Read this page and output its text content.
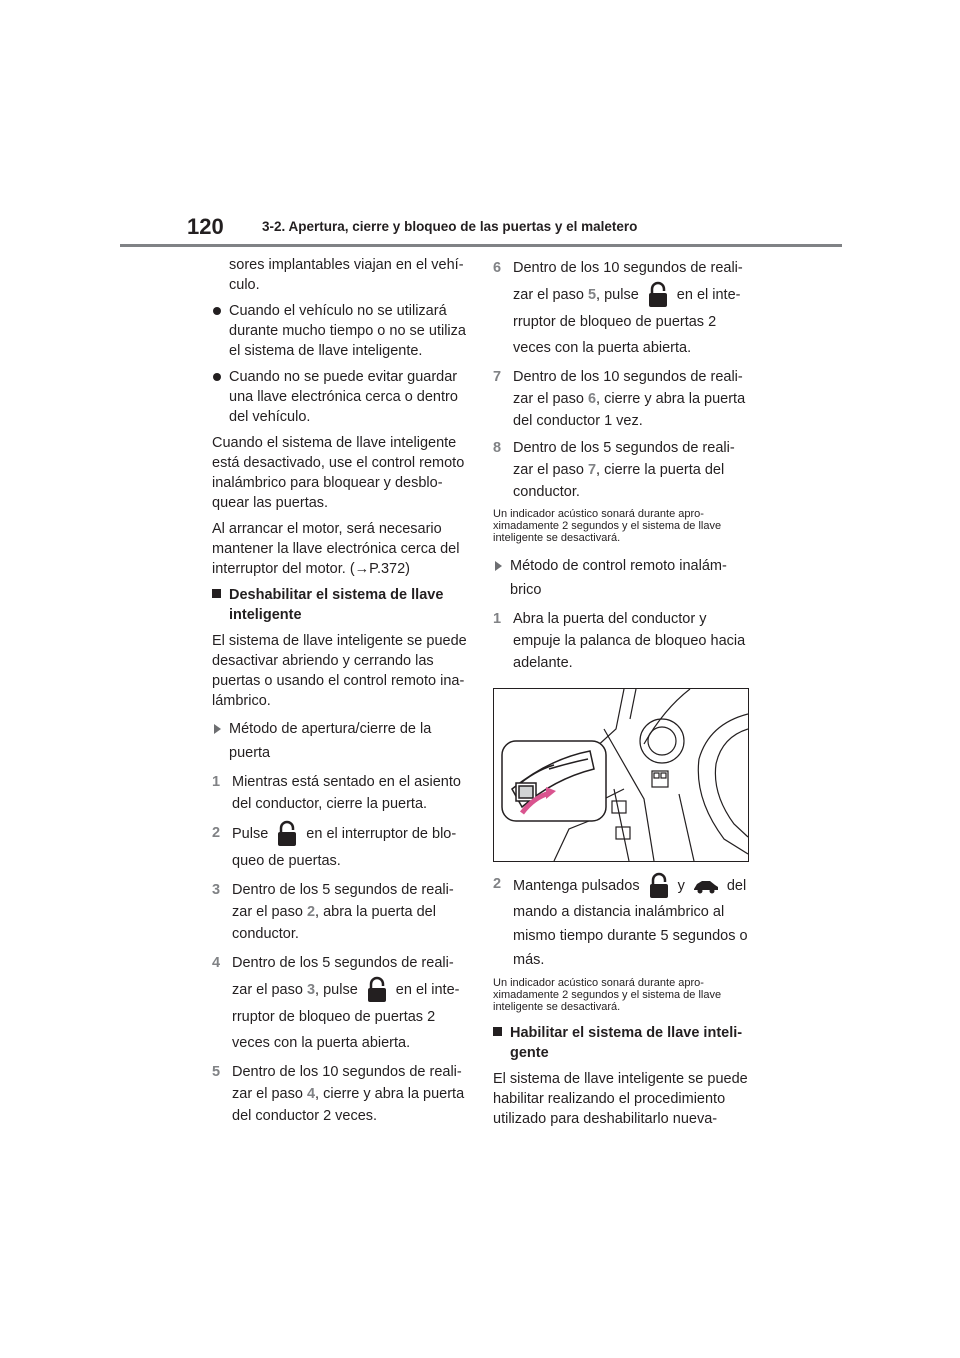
120	3-2. Apertura, cierre y bloqueo de las puertas y el maletero

sores implantables viajan en el vehí-culo.

Cuando el vehículo no se utilizará durante mucho tiempo o no se utiliza el sistema de llave inteligente.

Cuando no se puede evitar guardar una llave electrónica cerca o dentro del vehículo.

Cuando el sistema de llave inteligente está desactivado, use el control remoto inalámbrico para bloquear y desblo-quear las puertas.

Al arrancar el motor, será necesario mantener la llave electrónica cerca del interruptor del motor. (→P.372)

Deshabilitar el sistema de llave inteligente

El sistema de llave inteligente se puede desactivar abriendo y cerrando las puertas o usando el control remoto ina-lámbrico.

Método de apertura/cierre de la puerta
1 Mientras está sentado en el asiento del conductor, cierre la puerta.
2 Pulse	en el interruptor de blo-queo de puertas.
3 Dentro de los 5 segundos de reali-zar el paso 2, abra la puerta del conductor.
4 Dentro de los 5 segundos de reali-zar el paso 3, pulse	en el inte-rruptor de bloqueo de puertas 2 veces con la puerta abierta.
5 Dentro de los 10 segundos de reali-zar el paso 4, cierre y abra la puerta del conductor 2 veces.
6 Dentro de los 10 segundos de reali-zar el paso 5, pulse	en el inte-rruptor de bloqueo de puertas 2 veces con la puerta abierta.
7 Dentro de los 10 segundos de reali-zar el paso 6, cierre y abra la puerta del conductor 1 vez.
8 Dentro de los 5 segundos de reali-zar el paso 7, cierre la puerta del conductor.

Un indicador acústico sonará durante apro-ximadamente 2 segundos y el sistema de llave inteligente se desactivará.

Método de control remoto inalám-brico
1 Abra la puerta del conductor y empuje la palanca de bloqueo hacia adelante.
2 Mantenga pulsados	y	del mando a distancia inalámbrico al mismo tiempo durante 5 segundos o más.

Un indicador acústico sonará durante apro-ximadamente 2 segundos y el sistema de llave inteligente se desactivará.

Habilitar el sistema de llave inteli-gente

El sistema de llave inteligente se puede habilitar realizando el procedimiento utilizado para deshabilitarlo nueva-
